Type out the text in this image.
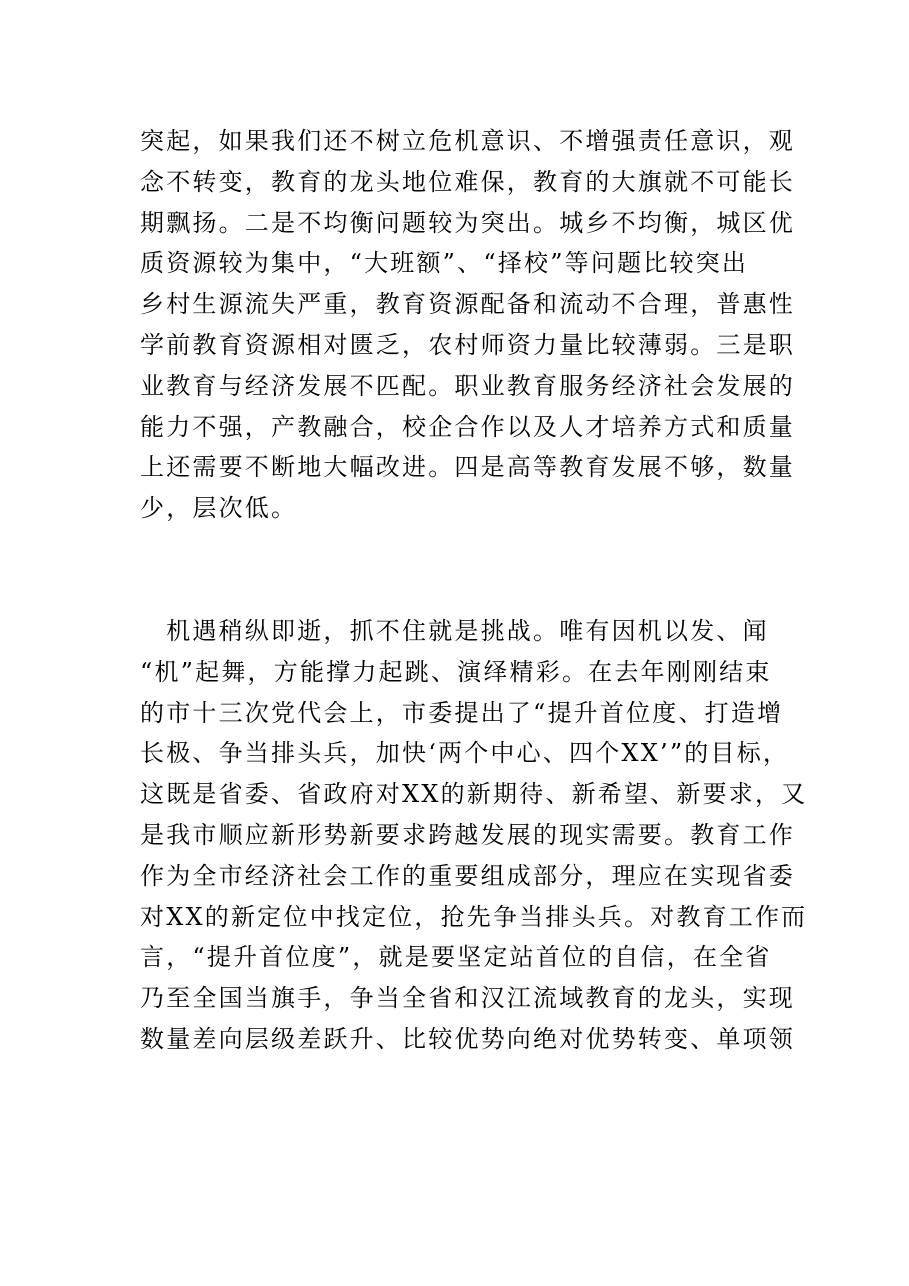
突起，如果我们还不树立危机意识、不增强责任意识，观
念不转变，教育的龙头地位难保，教育的大旗就不可能长
期飘扬。二是不均衡问题较为突出。城乡不均衡，城区优
质资源较为集中，“大班额”、“择校”等问题比较突出
乡村生源流失严重，教育资源配备和流动不合理，普惠性
学前教育资源相对匮乏，农村师资力量比较薄弱。三是职
业教育与经济发展不匹配。职业教育服务经济社会发展的
能力不强，产教融合，校企合作以及人才培养方式和质量
上还需要不断地大幅改进。四是高等教育发展不够，数量
少，层次低。
　机遇稍纵即逝，抓不住就是挑战。唯有因机以发、闻
“机”起舞，方能撑力起跳、演绎精彩。在去年刚刚结束
的市十三次党代会上，市委提出了“提升首位度、打造增
长极、争当排头兵，加快‘两个中心、四个XX’”的目标，
这既是省委、省政府对XX的新期待、新希望、新要求，又
是我市顺应新形势新要求跨越发展的现实需要。教育工作
作为全市经济社会工作的重要组成部分，理应在实现省委
对XX的新定位中找定位，抢先争当排头兵。对教育工作而
言，“提升首位度”，就是要坚定站首位的自信，在全省
乃至全国当旗手，争当全省和汉江流域教育的龙头，实现
数量差向层级差跃升、比较优势向绝对优势转变、单项领
